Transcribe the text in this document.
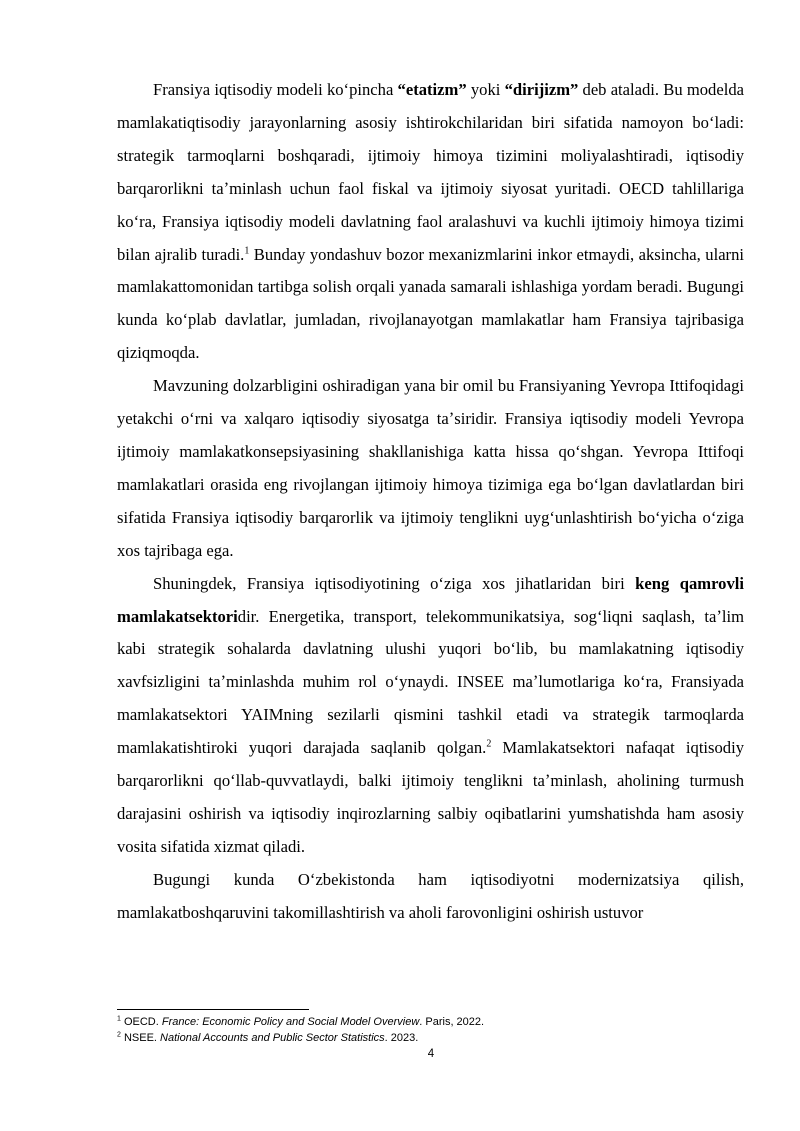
Fransiya iqtisodiy modeli koʻpincha “etatizm” yoki “dirijizm” deb ataladi. Bu modelda mamlakatiqtisodiy jarayonlarning asosiy ishtirokchilaridan biri sifatida namoyon boʻladi: strategik tarmoqlarni boshqaradi, ijtimoiy himoya tizimini moliyalashtiradi, iqtisodiy barqarorlikni taʼminlash uchun faol fiskal va ijtimoiy siyosat yuritadi. OECD tahlillariga koʻra, Fransiya iqtisodiy modeli davlatning faol aralashuvi va kuchli ijtimoiy himoya tizimi bilan ajralib turadi.$^1$ Bunday yondashuv bozor mexanizmlarini inkor etmaydi, aksincha, ularni mamlakattomonidan tartibga solish orqali yanada samarali ishlashiga yordam beradi. Bugungi kunda koʻplab davlatlar, jumladan, rivojlanayotgan mamlakatlar ham Fransiya tajribasiga qiziqmoqda.

Mavzuning dolzarbligini oshiradigan yana bir omil bu Fransiyaning Yevropa Ittifoqidagi yetakchi oʻrni va xalqaro iqtisodiy siyosatga taʼsiridir. Fransiya iqtisodiy modeli Yevropa ijtimoiy mamlakatkonsepsiyasining shakllanishiga katta hissa qoʻshgan. Yevropa Ittifoqi mamlakatlari orasida eng rivojlangan ijtimoiy himoya tizimiga ega boʻlgan davlatlardan biri sifatida Fransiya iqtisodiy barqarorlik va ijtimoiy tenglikni uygʻunlashtirish boʻyicha oʻziga xos tajribaga ega.

Shuningdek, Fransiya iqtisodiyotining oʻziga xos jihatlaridan biri keng qamrovli mamlakatsektoridir. Energetika, transport, telekommunikatsiya, sogʻliqni saqlash, taʼlim kabi strategik sohalarda davlatning ulushi yuqori boʻlib, bu mamlakatning iqtisodiy xavfsizligini taʼminlashda muhim rol oʻynaydi. INSEE maʼlumotlariga koʻra, Fransiyada mamlakatsektori YAIMning sezilarli qismini tashkil etadi va strategik tarmoqlarda mamlakatishtiroki yuqori darajada saqlanib qolgan.$^2$ Mamlakatsektori nafaqat iqtisodiy barqarorlikni qoʻllab-quvvatlaydi, balki ijtimoiy tenglikni taʼminlash, aholining turmush darajasini oshirish va iqtisodiy inqirozlarning salbiy oqibatlarini yumshatishda ham asosiy vosita sifatida xizmat qiladi.

Bugungi kunda Oʻzbekistonda ham iqtisodiyotni modernizatsiya qilish, mamlakatboshqaruvini takomillashtirish va aholi farovonligini oshirish ustuvor

$^1$ OECD. France: Economic Policy and Social Model Overview. Paris, 2022.

$^2$ NSEE. National Accounts and Public Sector Statistics. 2023.

4
